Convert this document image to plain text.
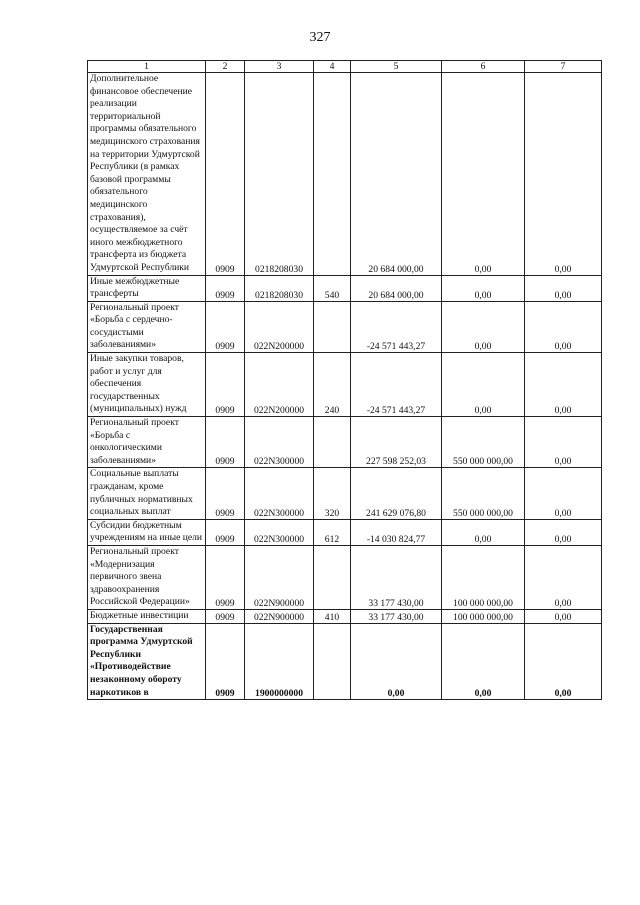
327
1	2	3	4	5	6	7
Дополнительное финансовое обеспечение реализации территориальной программы обязательного медицинского страхования на территории Удмуртской Республики (в рамках базовой программы обязательного медицинского страхования), осуществляемое за счёт иного межбюджетного трансферта из бюджета Удмуртской Республики	0909	0218208030		20 684 000,00	0,00	0,00
Иные межбюджетные трансферты	0909	0218208030	540	20 684 000,00	0,00	0,00
Региональный проект «Борьба с сердечно-сосудистыми заболеваниями»	0909	022N200000		-24 571 443,27	0,00	0,00
Иные закупки товаров, работ и услуг для обеспечения государственных (муниципальных) нужд	0909	022N200000	240	-24 571 443,27	0,00	0,00
Региональный проект «Борьба с онкологическими заболеваниями»	0909	022N300000		227 598 252,03	550 000 000,00	0,00
Социальные выплаты гражданам, кроме публичных нормативных социальных выплат	0909	022N300000	320	241 629 076,80	550 000 000,00	0,00
Субсидии бюджетным учреждениям на иные цели	0909	022N300000	612	-14 030 824,77	0,00	0,00
Региональный проект «Модернизация первичного звена здравоохранения Российской Федерации»	0909	022N900000		33 177 430,00	100 000 000,00	0,00
Бюджетные инвестиции	0909	022N900000	410	33 177 430,00	100 000 000,00	0,00
Государственная программа Удмуртской Республики «Противодействие незаконному обороту наркотиков в	0909	1900000000		0,00	0,00	0,00
